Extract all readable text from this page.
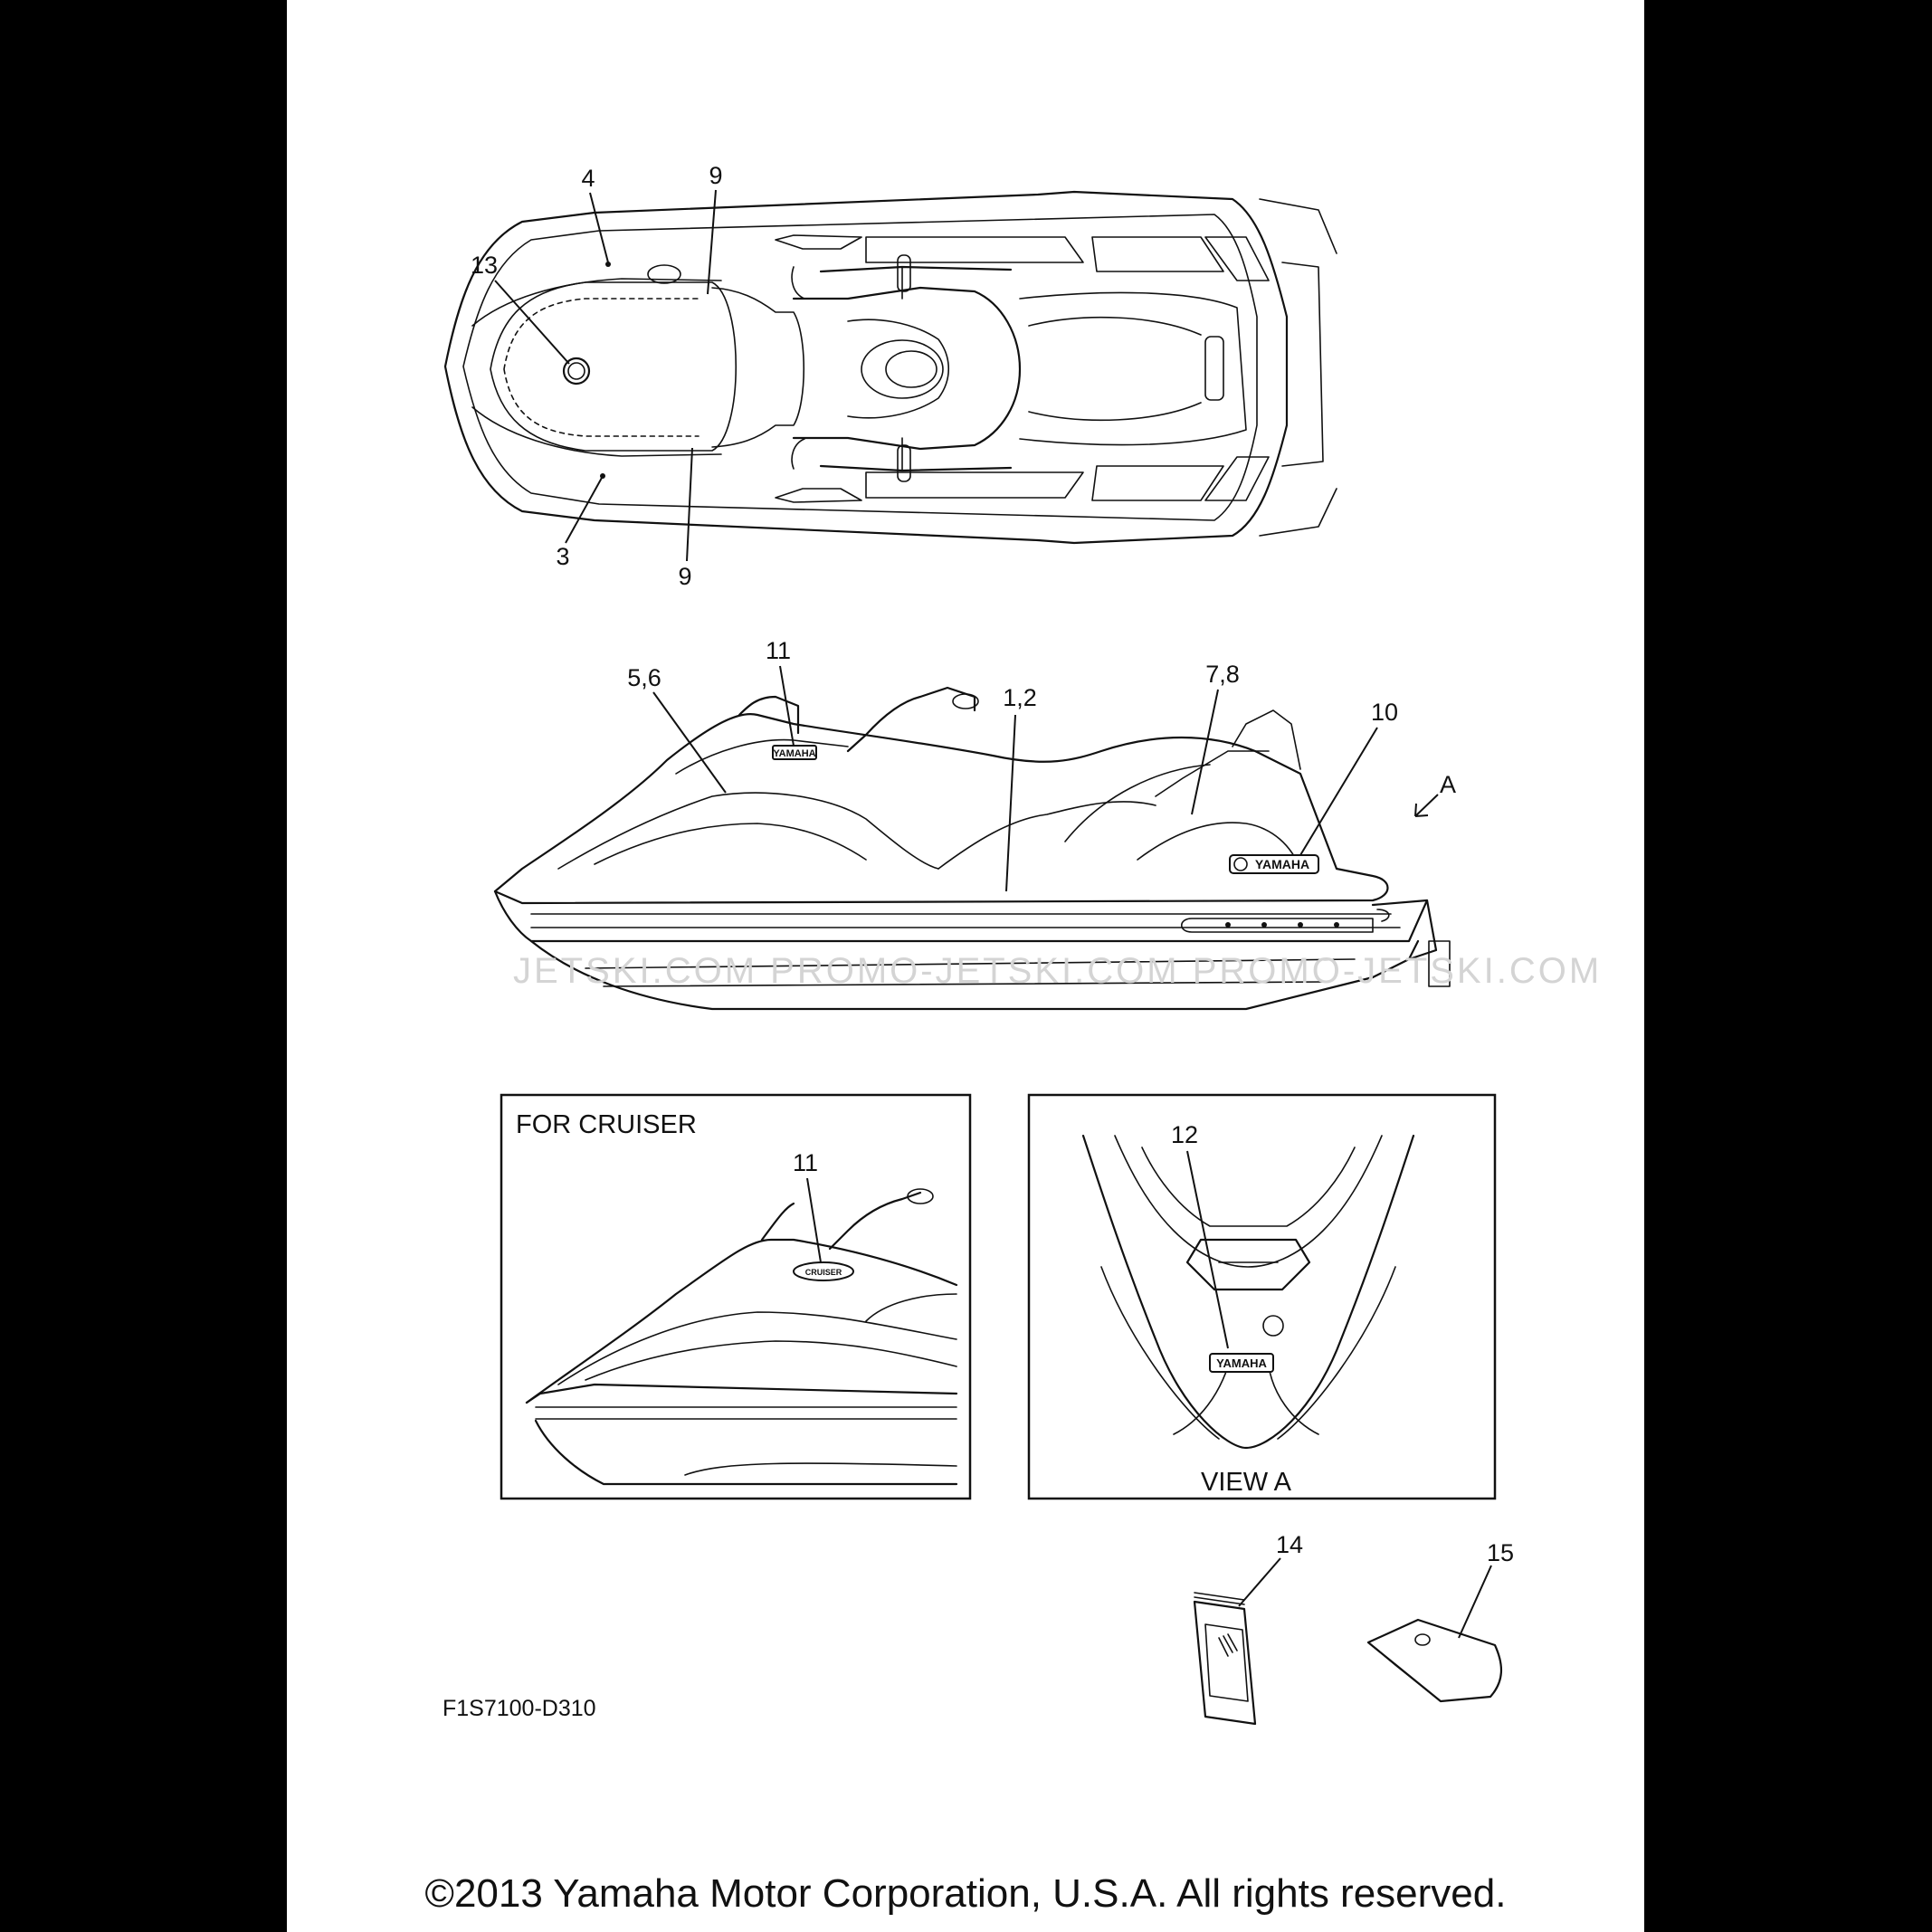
4	9
13
3
9
YAMAHA
YAMAHA
JETSKI.COM PROMO-JETSKI.COM PROMO-JETSKI.COM
11
5,6
1,2
7,8
10
A
FOR CRUISER
11
CRUISER
VIEW A
12
YAMAHA
14	15
F1S7100-D310
©2013 Yamaha Motor Corporation, U.S.A. All rights reserved.
